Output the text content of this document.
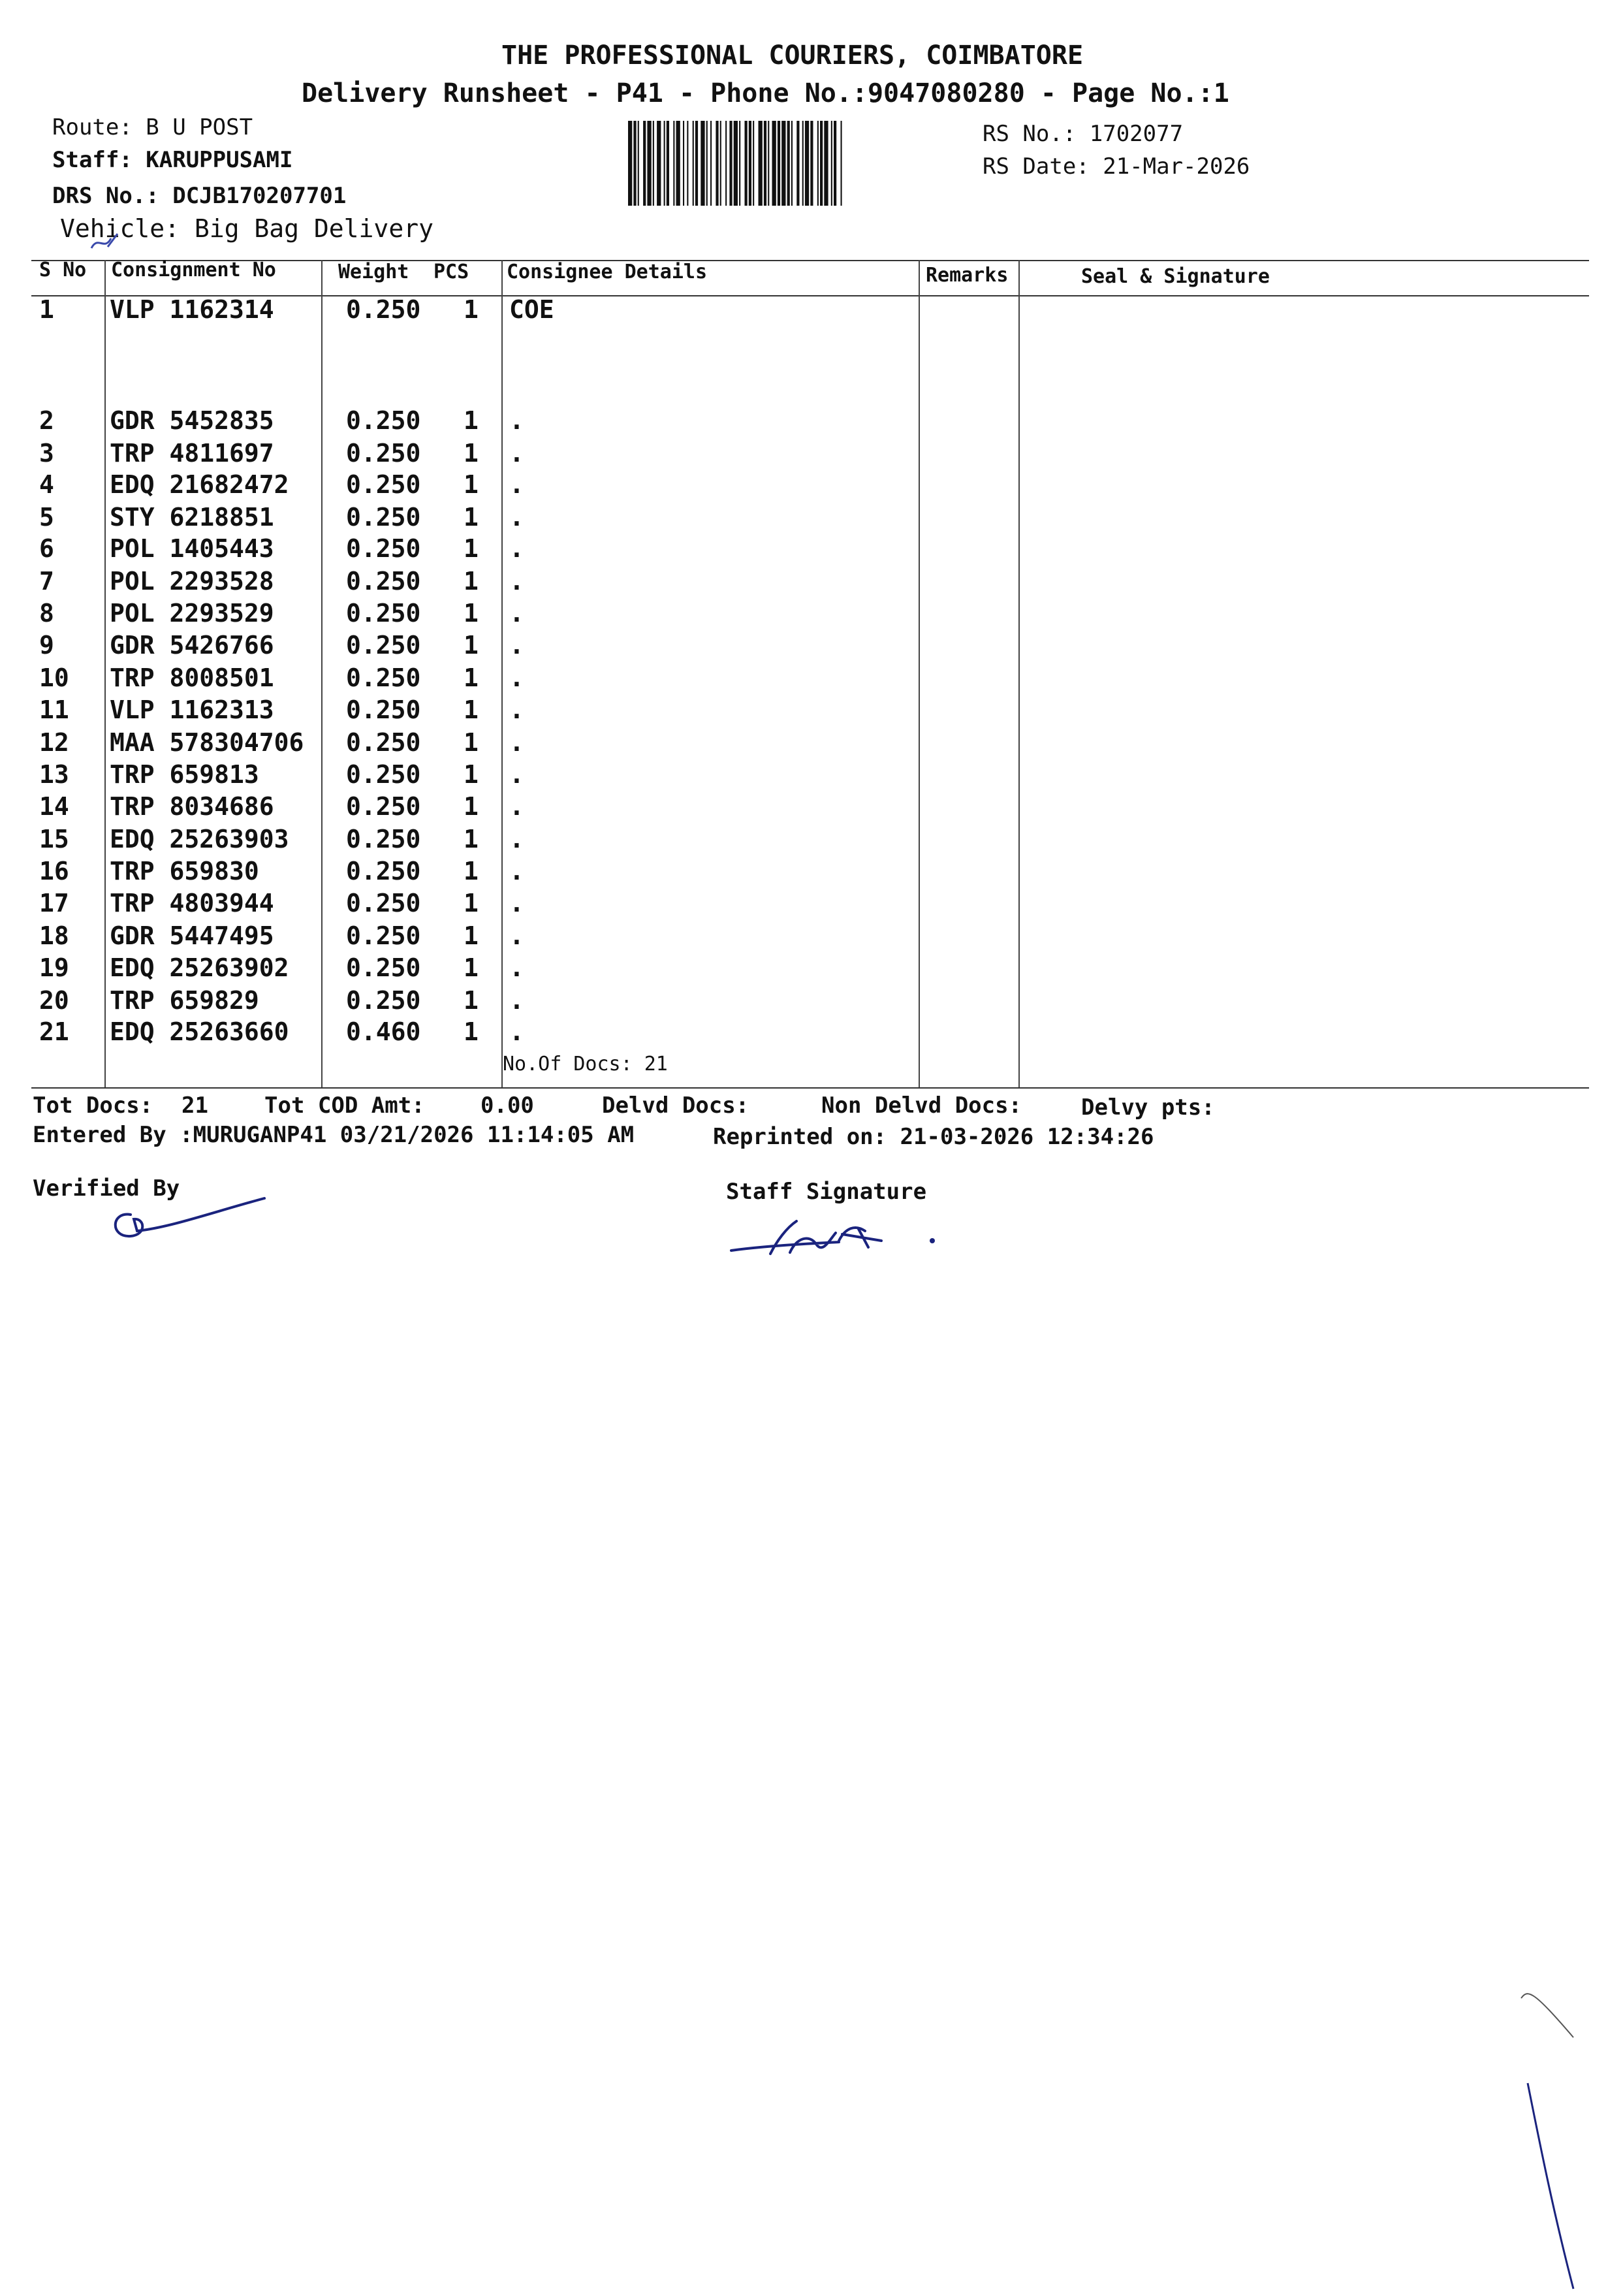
THE PROFESSIONAL COURIERS, COIMBATORE
Delivery Runsheet - P41 - Phone No.:9047080280 - Page No.:1
Route: B U POST
Staff: KARUPPUSAMI
DRS No.: DCJB170207701
Vehicle: Big Bag Delivery
RS No.: 1702077
RS Date: 21-Mar-2026
S No Consignment No	Weight PCS Consignee Details	Remarks	Seal & Signature
1 VLP 1162314	0.250 1 COE
2 GDR 5452835	0.250 1 .
3 TRP 4811697	0.250 1 .
4 EDQ 21682472 0.250 1 .
5 STY 6218851	0.250 1 .
6 POL 1405443	0.250 1 .
7 POL 2293528	0.250 1 .
8 POL 2293529	0.250 1 .
9 GDR 5426766	0.250 1 .
10 TRP 8008501	0.250 1 .
11 VLP 1162313	0.250 1 .
12 MAA 578304706 0.250 1 .
13 TRP 659813	0.250 1 .
14 TRP 8034686	0.250 1 .
15 EDQ 25263903 0.250 1 .
16 TRP 659830	0.250 1 .
17 TRP 4803944	0.250 1 .
18 GDR 5447495	0.250 1 .
19 EDQ 25263902 0.250 1 .
20 TRP 659829	0.250 1 .
21 EDQ 25263660 0.460 1 .
No.Of Docs: 21
Tot Docs: 21	Tot COD Amt:	0.00	Delvd Docs:	Non Delvd Docs:	Delvy pts:
Entered By :MURUGANP41 03/21/2026 11:14:05 AM	Reprinted on: 21-03-2026 12:34:26
Verified By	Staff Signature
